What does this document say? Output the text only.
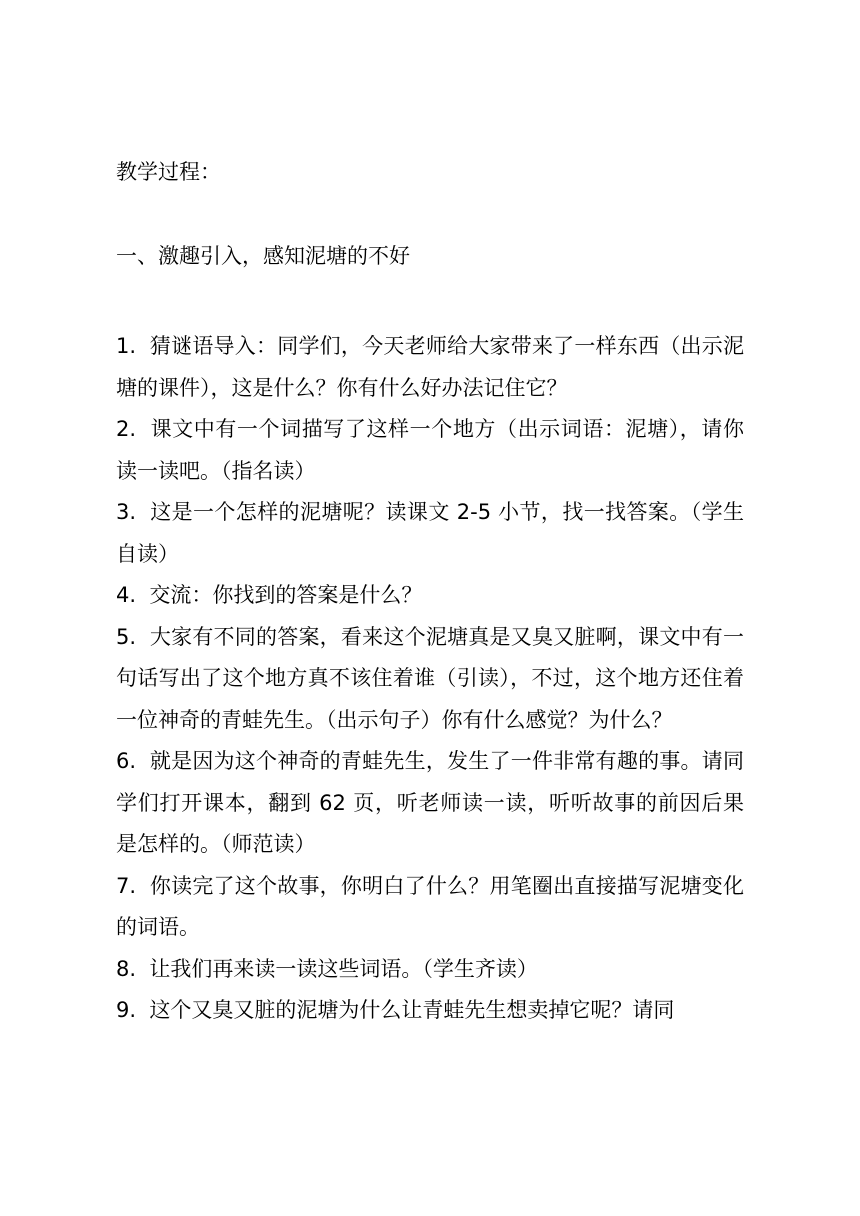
教学过程：
一、激趣引入，感知泥塘的不好
1. 猜谜语导入：同学们，今天老师给大家带来了一样东西（出示泥塘的课件），这是什么？你有什么好办法记住它？
2. 课文中有一个词描写了这样一个地方（出示词语：泥塘），请你读一读吧。（指名读）
3. 这是一个怎样的泥塘呢？读课文 2-5 小节，找一找答案。（学生自读）
4. 交流：你找到的答案是什么？
5. 大家有不同的答案，看来这个泥塘真是又臭又脏啊，课文中有一句话写出了这个地方真不该住着谁（引读），不过，这个地方还住着一位神奇的青蛙先生。（出示句子）你有什么感觉？为什么？
6. 就是因为这个神奇的青蛙先生，发生了一件非常有趣的事。请同学们打开课本，翻到 62 页，听老师读一读，听听故事的前因后果是怎样的。（师范读）
7. 你读完了这个故事，你明白了什么？用笔圈出直接描写泥塘变化的词语。
8. 让我们再来读一读这些词语。（学生齐读）
9. 这个又臭又脏的泥塘为什么让青蛙先生想卖掉它呢？请同
